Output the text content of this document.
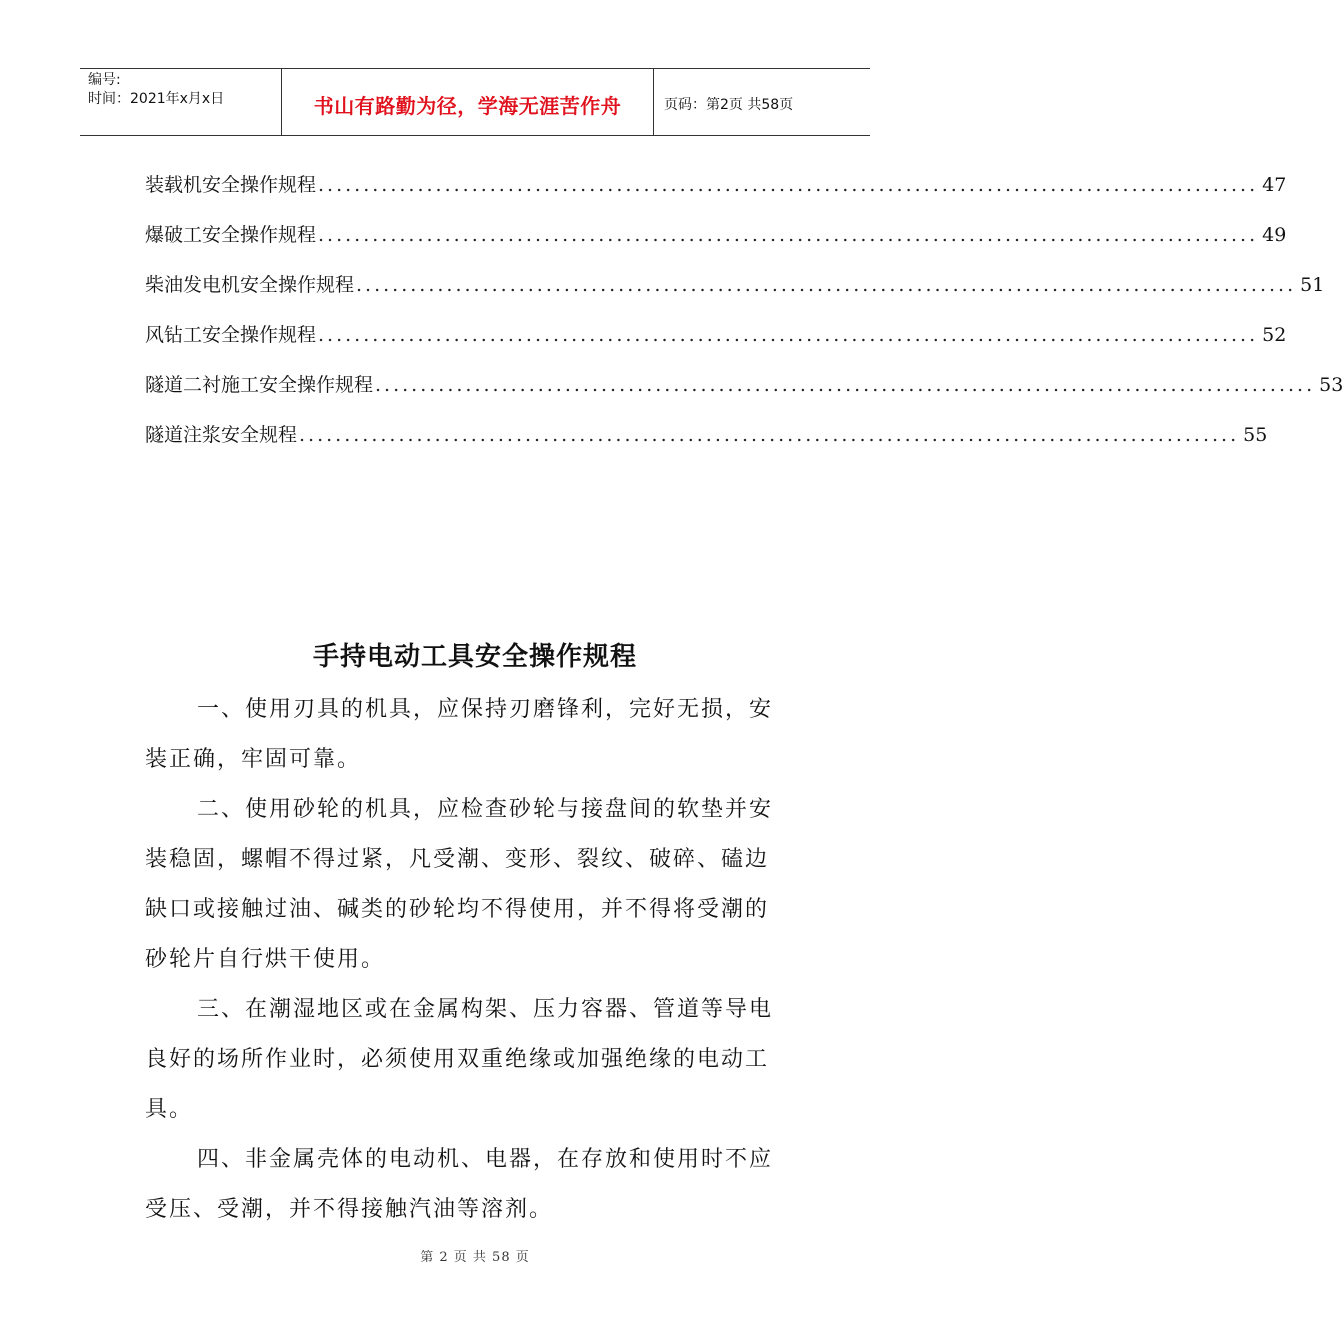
编号:
时间：2021年x月x日	书山有路勤为径，学海无涯苦作舟	页码：第2页 共58页
装载机安全操作规程 ........................................................................................................ 47
爆破工安全操作规程 ........................................................................................................ 49
柴油发电机安全操作规程 ........................................................................................................ 51
风钻工安全操作规程 ........................................................................................................ 52
隧道二衬施工安全操作规程 ........................................................................................................ 53
隧道注浆安全规程 ........................................................................................................ 55
手持电动工具安全操作规程

一、使用刃具的机具，应保持刃磨锋利，完好无损，安装正确，牢固可靠。

二、使用砂轮的机具，应检查砂轮与接盘间的软垫并安装稳固，螺帽不得过紧，凡受潮、变形、裂纹、破碎、磕边缺口或接触过油、碱类的砂轮均不得使用，并不得将受潮的砂轮片自行烘干使用。

三、在潮湿地区或在金属构架、压力容器、管道等导电良好的场所作业时，必须使用双重绝缘或加强绝缘的电动工具。

四、非金属壳体的电动机、电器，在存放和使用时不应受压、受潮，并不得接触汽油等溶剂。

第 2 页 共 58 页
